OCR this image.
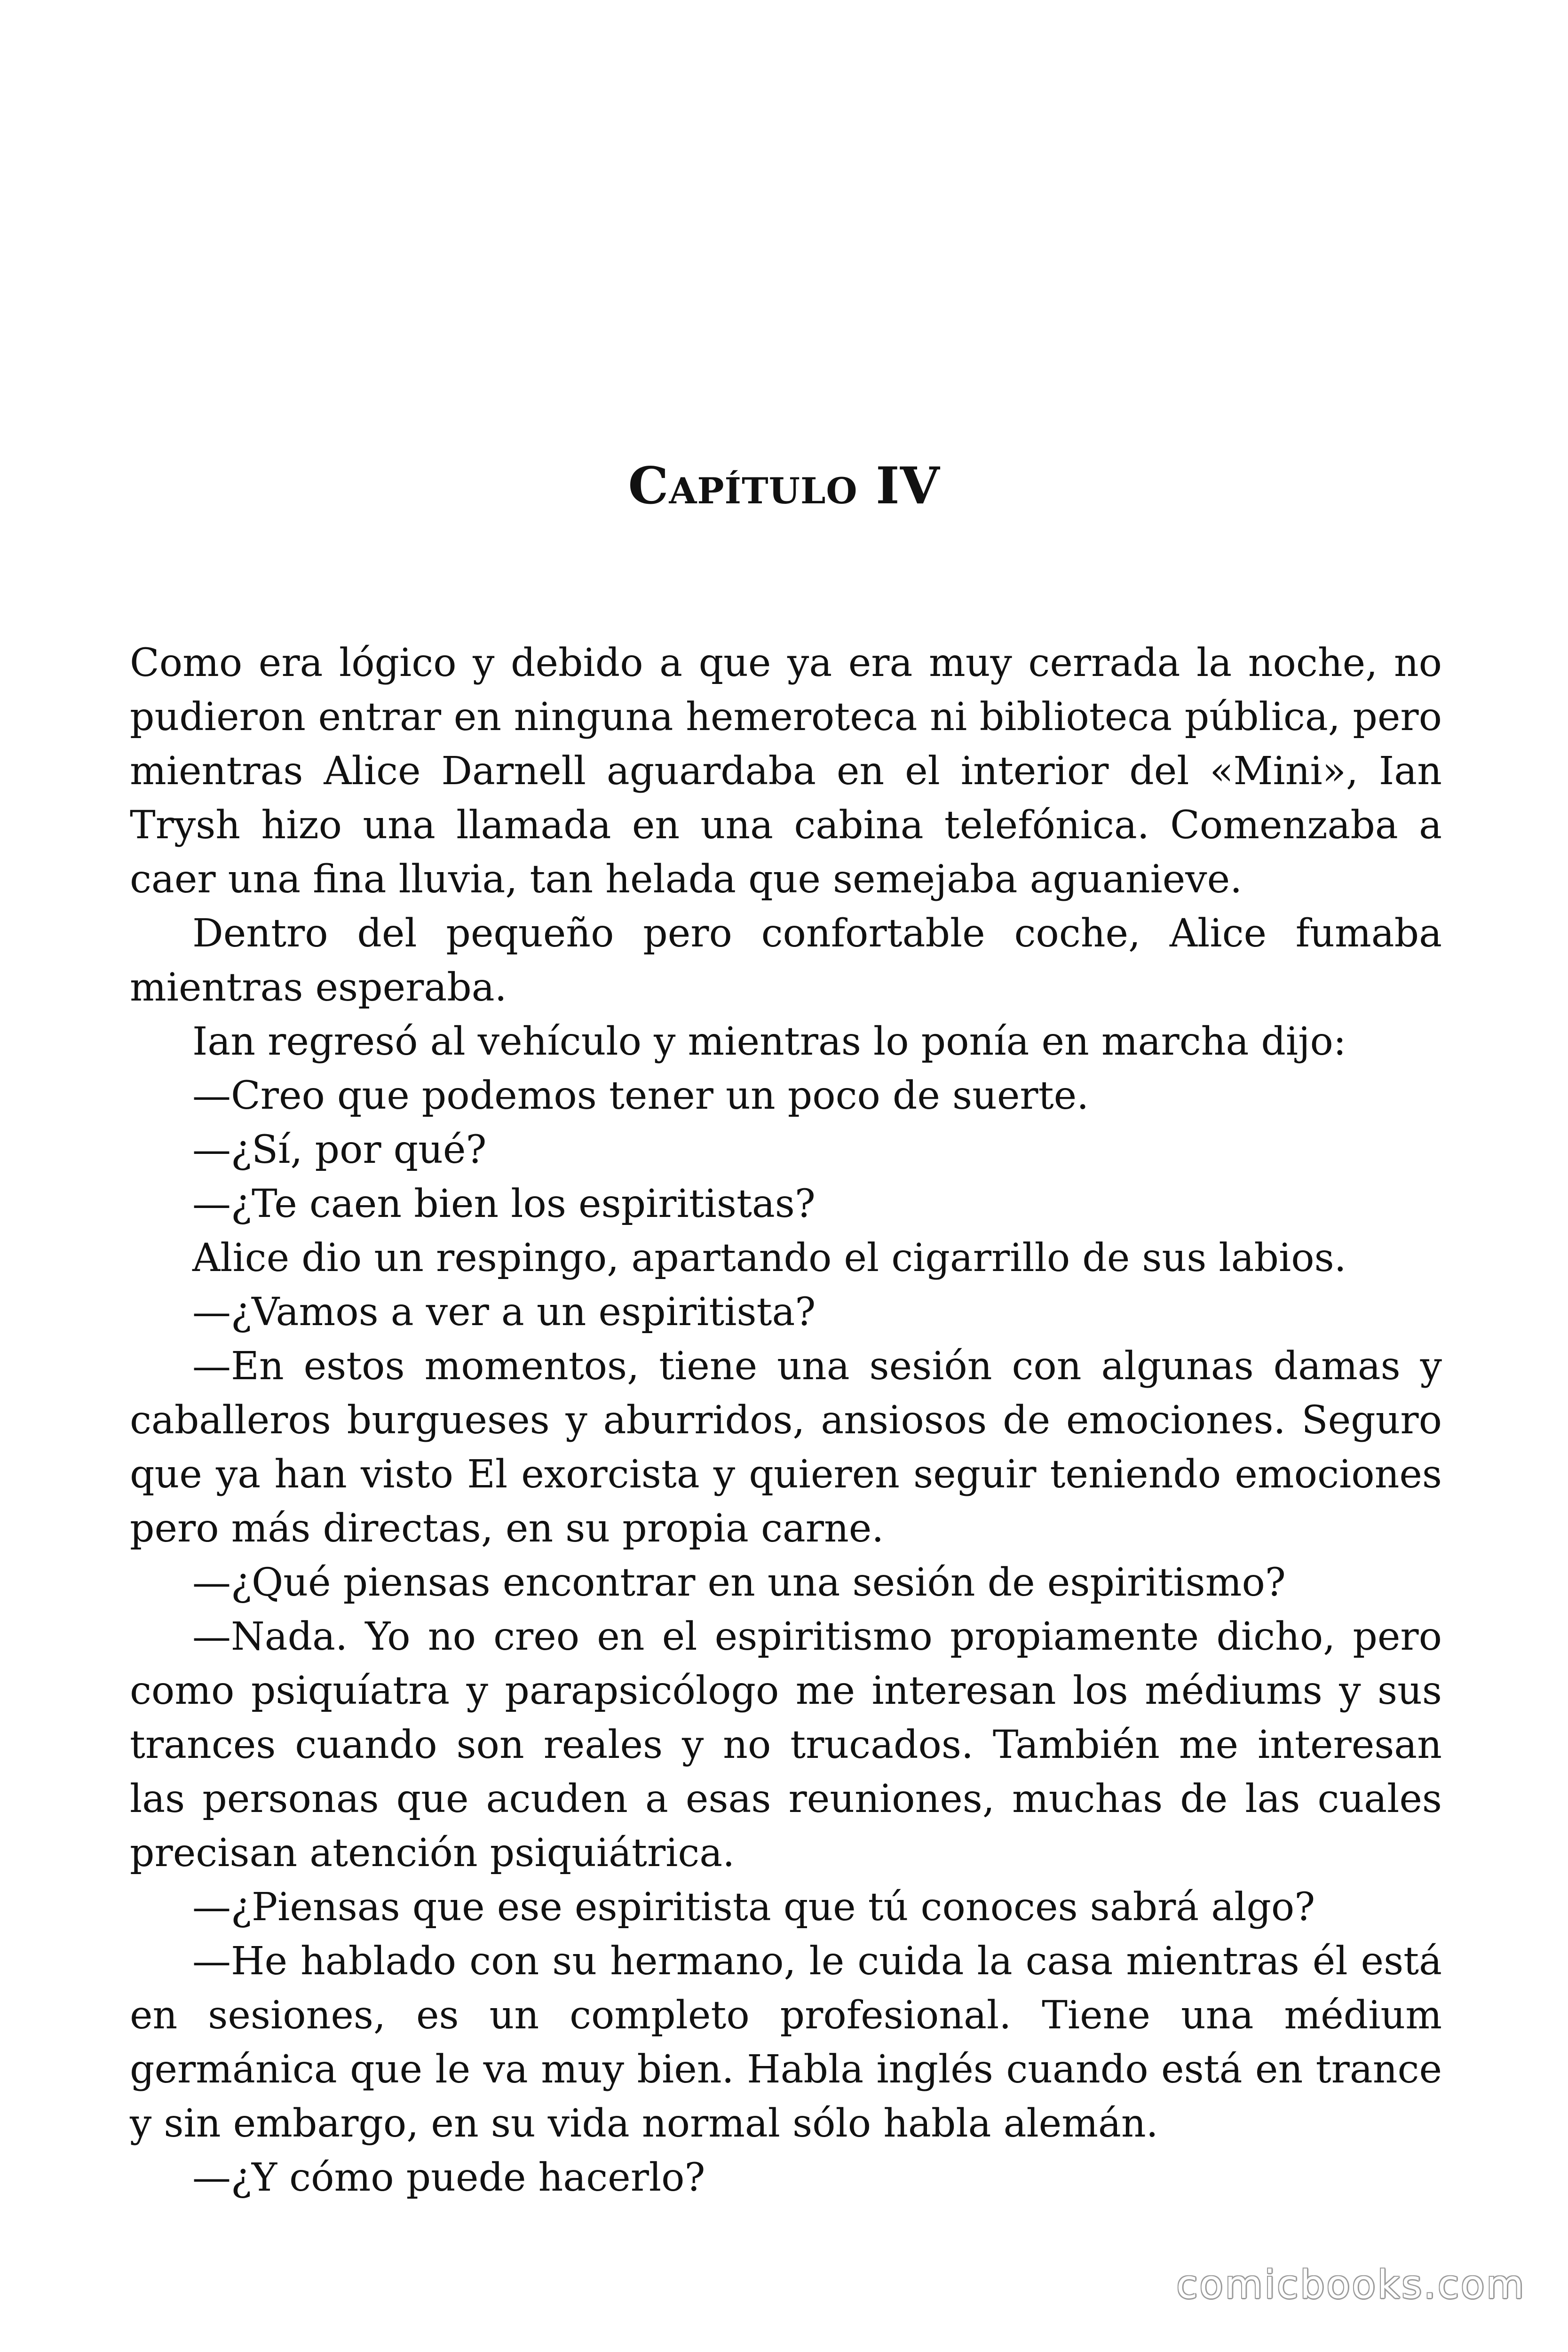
Capítulo IV

Como era lógico y debido a que ya era muy cerrada la noche, no pudieron entrar en ninguna hemeroteca ni biblioteca pública, pero mientras Alice Darnell aguardaba en el interior del «Mini», Ian Trysh hizo una llamada en una cabina telefónica. Comenzaba a caer una fina lluvia, tan helada que semejaba aguanieve.

Dentro del pequeño pero confortable coche, Alice fumaba mientras esperaba.

Ian regresó al vehículo y mientras lo ponía en marcha dijo:

—Creo que podemos tener un poco de suerte.

—¿Sí, por qué?

—¿Te caen bien los espiritistas?

Alice dio un respingo, apartando el cigarrillo de sus labios.

—¿Vamos a ver a un espiritista?

—En estos momentos, tiene una sesión con algunas damas y caballeros burgueses y aburridos, ansiosos de emociones. Seguro que ya han visto El exorcista y quieren seguir teniendo emociones pero más directas, en su propia carne.

—¿Qué piensas encontrar en una sesión de espiritismo?

—Nada. Yo no creo en el espiritismo propiamente dicho, pero como psiquíatra y parapsicólogo me interesan los médiums y sus trances cuando son reales y no trucados. También me interesan las personas que acuden a esas reuniones, muchas de las cuales precisan atención psiquiátrica.

—¿Piensas que ese espiritista que tú conoces sabrá algo?

—He hablado con su hermano, le cuida la casa mientras él está en sesiones, es un completo profesional. Tiene una médium germánica que le va muy bien. Habla inglés cuando está en trance y sin embargo, en su vida normal sólo habla alemán.

—¿Y cómo puede hacerlo?

comicbooks.com
